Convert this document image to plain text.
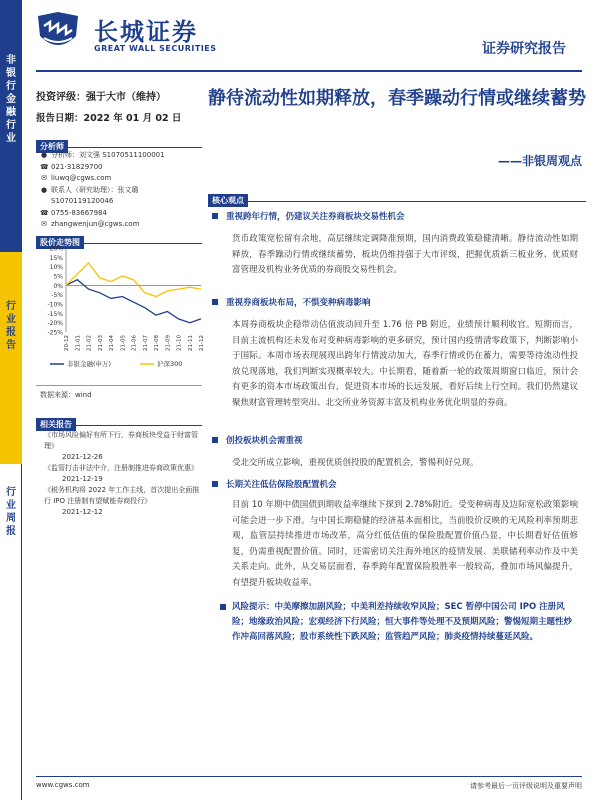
非银行金融行业
行业报告
行业周报
长城证券
GREAT WALL SECURITIES	证券研究报告
投资评级：强于大市（维持）
报告日期：2022 年 01 月 02 日
分析师
● 分析师：刘文强 S1070511100001
☎ 021-31829700
✉ liuwq@cgws.com
● 联系人（研究助理）：张文璐
S1070119120046
☎ 0755-83667984
✉ zhangwenjun@cgws.com
股价走势图
20%
15%
10%
5%
0%
-5%
-10%
-15%
-20%
-25%
20-12 21-01 21-02 21-03 21-04 21-05 21-06 21-07 21-08 21-09 21-10 21-11 21-12
非银金融(申万)	沪深300
数据来源：wind
相关报告
《市场风险偏好有所下行，券商板块受益于财富管理》
2021-12-26
《监管打击非法中介，注册制推进券商政策优惠》
2021-12-19
《税务机构将 2022 年工作主线，首次提出全面推行 IPO 注册制有望赋能券商投行》
2021-12-12
静待流动性如期释放，春季躁动行情或继续蓄势
——非银周观点
核心观点
重视跨年行情，仍建议关注券商板块交易性机会
货币政策宽松留有余地，高层继续定调降准预期，国内消费政策稳健清晰。静待流动性如期释放，春季躁动行情或继续蓄势，板块仍维持强于大市评级，把握优质新三板业务、优质财富管理及机构业务优质的券商股交易性机会。
重视券商板块布局，不惧变种病毒影响
本周券商板块企稳带动估值波动回升至 1.76 倍 PB 附近，业绩预计顺利收官。短期而言，目前主流机构还未发布对变种病毒影响的更多研究，预计国内疫情清零政策下，判断影响小于国际。本周市场表现展现出跨年行情波动加大，春季行情或仍在蓄力，需要等待流动性投放兑现落地，我们判断实现概率较大。中长期看，随着新一轮的政策周期窗口临近，预计会有更多的资本市场政策出台，促进资本市场的长远发展，看好后续上行空间。我们仍然建议聚焦财富管理转型突出、北交所业务资源丰富及机构业务优化明显的券商。
创投板块机会需重视
受北交所成立影响，重视优质创投股的配置机会，警惕利好兑现。
长期关注低估保险股配置机会
目前 10 年期中债国债到期收益率继续下探到 2.78%附近。受变种病毒及边际宽松政策影响可能会进一步下滑。与中国长期稳健的经济基本面相比，当前股价反映的无风险利率预期悲观，监管层持续推进市场改革，高分红低估值的保险股配置价值凸显，中长期看好估值修复，仍需重视配置价值。同时，还需密切关注海外地区的疫情发展、美联储利率动作及中美关系走向。此外，从交易层面看，春季跨年配置保险股胜率一般较高，叠加市场风偏提升，有望提升板块收益率。
风险提示：中美摩擦加剧风险；中美利差持续收窄风险；SEC 暂停中国公司 IPO 注册风险；地缘政治风险；宏观经济下行风险；恒大事件等处理不及预期风险；警惕短期主题性炒作冲高回落风险；股市系统性下跌风险；监管趋严风险；肺炎疫情持续蔓延风险。
www.cgws.com	请参考最后一页评级说明及重要声明
